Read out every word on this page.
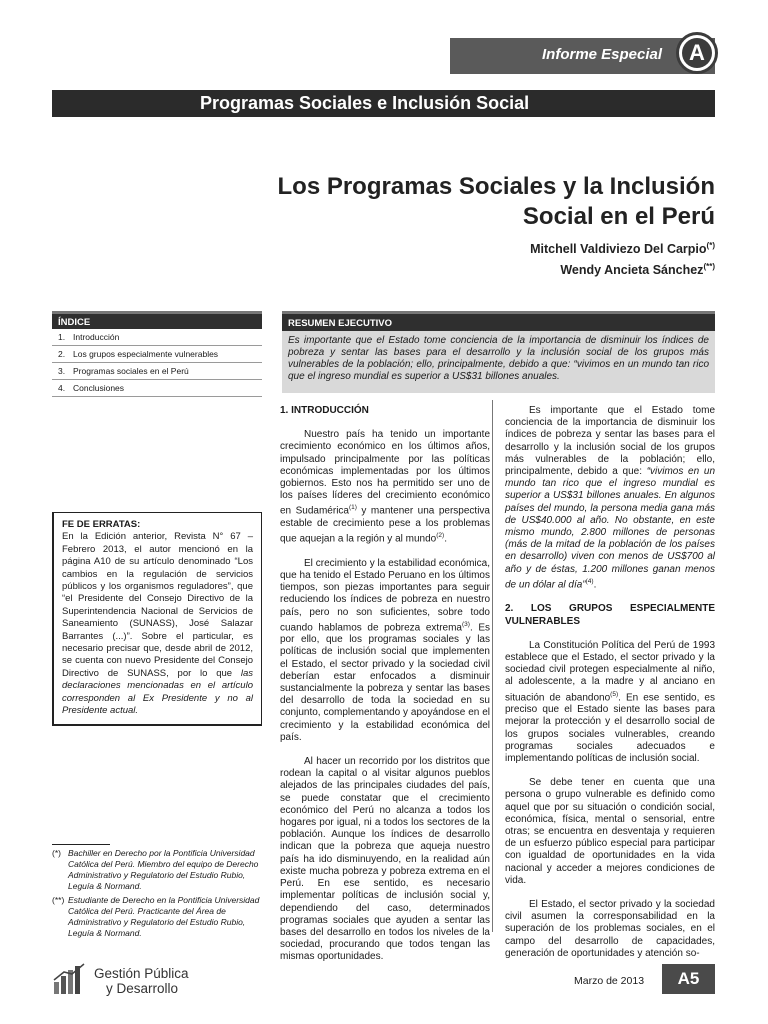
Informe Especial	A
Programas Sociales e Inclusión Social
Los Programas Sociales y la Inclusión
Social en el Perú
Mitchell Valdiviezo Del Carpio(*)
Wendy Ancieta Sánchez(**)
ÍNDICE
1. Introducción
2. Los grupos especialmente vulnerables
3. Programas sociales en el Perú
4. Conclusiones
RESUMEN EJECUTIVO
Es importante que el Estado tome conciencia de la importancia de disminuir los índices de pobreza y sentar las bases para el desarrollo y la inclusión social de los grupos más vulnerables de la población; ello, principalmente, debido a que: “vivimos en un mundo tan rico que el ingreso mundial es superior a US$31 billones anuales.
FE DE ERRATAS:
En la Edición anterior, Revista N° 67 – Febrero 2013, el autor mencionó en la página A10 de su artículo denominado “Los cambios en la regulación de servicios públicos y los organismos reguladores”, que “el Presidente del Consejo Directivo de la Superintendencia Nacional de Servicios de Saneamiento (SUNASS), José Salazar Barrantes (...)”. Sobre el particular, es necesario precisar que, desde abril de 2012, se cuenta con nuevo Presidente del Consejo Directivo de SUNASS, por lo que las declaraciones mencionadas en el artículo corresponden al Ex Presidente y no al Presidente actual.
(*) Bachiller en Derecho por la Pontificia Universidad Católica del Perú. Miembro del equipo de Derecho Administrativo y Regulatorio del Estudio Rubio, Leguía & Normand.
(**) Estudiante de Derecho en la Pontificia Universidad Católica del Perú. Practicante del Área de Administrativo y Regulatorio del Estudio Rubio, Leguía & Normand.
1. INTRODUCCIÓN

Nuestro país ha tenido un importante crecimiento económico en los últimos años, impulsado principalmente por las políticas económicas implementadas por los últimos gobiernos. Esto nos ha permitido ser uno de los países líderes del crecimiento económico en Sudamérica$^{(1)}$ y mantener una perspectiva estable de crecimiento pese a los problemas que aquejan a la región y al mundo$^{(2)}$.

El crecimiento y la estabilidad económica, que ha tenido el Estado Peruano en los últimos tiempos, son piezas importantes para seguir reduciendo los índices de pobreza en nuestro país, pero no son suficientes, sobre todo cuando hablamos de pobreza extrema$^{(3)}$. Es por ello, que los programas sociales y las políticas de inclusión social que implementen el Estado, el sector privado y la sociedad civil deberían estar enfocados a disminuir sustancialmente la pobreza y sentar las bases del desarrollo de toda la sociedad en su conjunto, complementando y apoyándose en el crecimiento y la estabilidad económica del país.

Al hacer un recorrido por los distritos que rodean la capital o al visitar algunos pueblos alejados de las principales ciudades del país, se puede constatar que el crecimiento económico del Perú no alcanza a todos los hogares por igual, ni a todos los sectores de la población. Aunque los índices de desarrollo indican que la pobreza que aqueja nuestro país ha ido disminuyendo, en la realidad aún existe mucha pobreza y pobreza extrema en el Perú. En ese sentido, es necesario implementar políticas de inclusión social y, dependiendo del caso, determinados programas sociales que ayuden a sentar las bases del desarrollo en todos los niveles de la sociedad, procurando que todos tengan las mismas oportunidades.

Es importante que el Estado tome conciencia de la importancia de disminuir los índices de pobreza y sentar las bases para el desarrollo y la inclusión social de los grupos más vulnerables de la población; ello, principalmente, debido a que: “vivimos en un mundo tan rico que el ingreso mundial es superior a US$31 billones anuales. En algunos países del mundo, la persona media gana más de US$40.000 al año. No obstante, en este mismo mundo, 2.800 millones de personas (más de la mitad de la población de los países en desarrollo) viven con menos de US$700 al año y de éstas, 1.200 millones ganan menos de un dólar al día”$^{(4)}$.

2. LOS GRUPOS ESPECIALMENTE VULNERABLES

La Constitución Política del Perú de 1993 establece que el Estado, el sector privado y la sociedad civil protegen especialmente al niño, al adolescente, a la madre y al anciano en situación de abandono$^{(5)}$. En ese sentido, es preciso que el Estado siente las bases para mejorar la protección y el desarrollo social de los grupos sociales vulnerables, creando programas sociales adecuados e implementando políticas de inclusión social.

Se debe tener en cuenta que una persona o grupo vulnerable es definido como aquel que por su situación o condición social, económica, física, mental o sensorial, entre otras; se encuentra en desventaja y requieren de un esfuerzo público especial para participar con igualdad de oportunidades en la vida nacional y acceder a mejores condiciones de vida.

El Estado, el sector privado y la sociedad civil asumen la corresponsabilidad en la superación de los problemas sociales, en el campo del desarrollo de capacidades, generación de oportunidades y atención so-

Gestión Pública
y Desarrollo	Marzo de 2013	A5
